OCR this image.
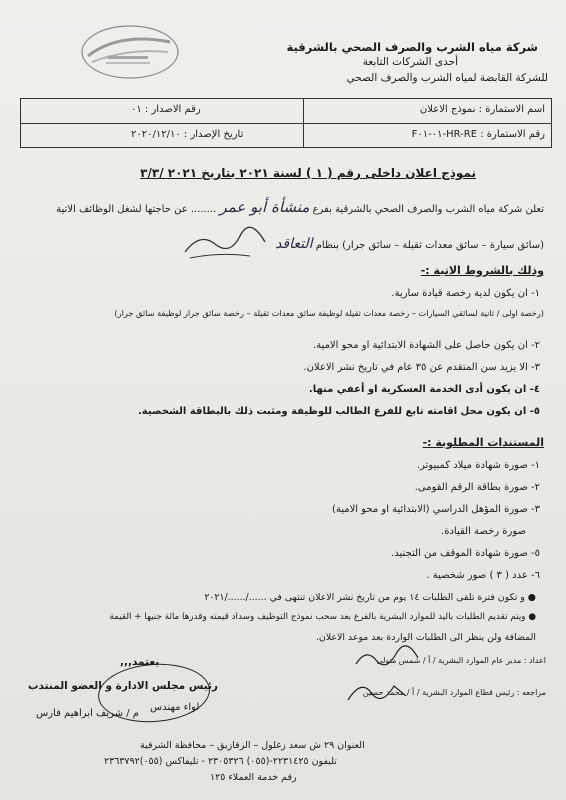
شركة مياه الشرب والصرف الصحي بالشرقية
أحدى الشركات التابعة
للشركة القابضة لمياه الشرب والصرف الصحي
اسم الاستمارة : نموذج الاعلان
رقم الاصدار : ٠١
رقم الاستمارة : HR-RE-٠١-F٠١
تاريخ الإصدار : ٢٠٢٠/١٢/١٠
نموذج اعلان داخلى رقم ( ١ ) لسنة ٢٠٢١ بتاريخ ٢٠٢١ /٣/٣
تعلن شركة مياه الشرب والصرف الصحي بالشرقية بفرع منشأة أبو عمر ........ عن حاجتها لشغل الوظائف الاتية
(سائق سيارة – سائق معدات ثقيلة – سائق جرار) بنظام التعاقد
وذلك بالشروط الاتية :-
١- ان يكون لدية رخصة قيادة سارية.
(رخصة اولى / ثانية لسائقي السيارات – رخصة معدات ثقيلة لوظيفة سائق معدات ثقيلة – رخصة سائق جرار لوظيفة سائق جرار)
٢- ان يكون حاصل على الشهادة الابتدائية او محو الامية.
٣- الا يزيد سن المتقدم عن ٣٥ عام في تاريخ نشر الاعلان.
٤- ان يكون أدى الخدمة العسكرية او أعفي منها.
٥- ان يكون محل اقامته تابع للفرع الطالب للوظيفة ومثبت ذلك بالبطاقة الشخصية.
المستندات المطلوبة :-
١- صورة شهادة ميلاد كمبيوتر.
٢- صورة بطاقة الرقم القومى.
٣- صورة المؤهل الدراسي (الابتدائية او محو الامية)
صورة رخصة القيادة.
٥- صورة شهادة الموقف من التجنيد.
٦- عدد ( ٣ ) صور شخصية .
● و تكون فترة تلقى الطلبات ١٤ يوم من تاريخ نشر الاعلان تنتهى في ....../....../٢٠٢١
● ويتم تقديم الطلبات باليد للموارد البشرية بالفرع بعد سحب نموذج التوظيف وسداد قيمته وقدرها مائة جنيها + القيمة
المضافة ولن ينظر الى الطلبات الواردة بعد موعد الاعلان.
يعتمد,,,
رئيس مجلس الادارة و العضو المنتدب
لواء مهندس
م / شريف ابراهيم فارس
اعداد : مدير عام الموارد البشرية / أ / شمس متولى
مراجعه : رئيس قطاع الموارد البشرية / أ / محمد حسين
العنوان ٢٩ ش سعد زغلول – الزقازيق – محافظة الشرقية
تليفون ٢٢٣١٤٢٥-(٠٥٥) ٢٣٠٥٣٢٦ - تليفاكس (٠٥٥)٢٣٦٣٧٩٢
رقم خدمة العملاء ١٢٥
